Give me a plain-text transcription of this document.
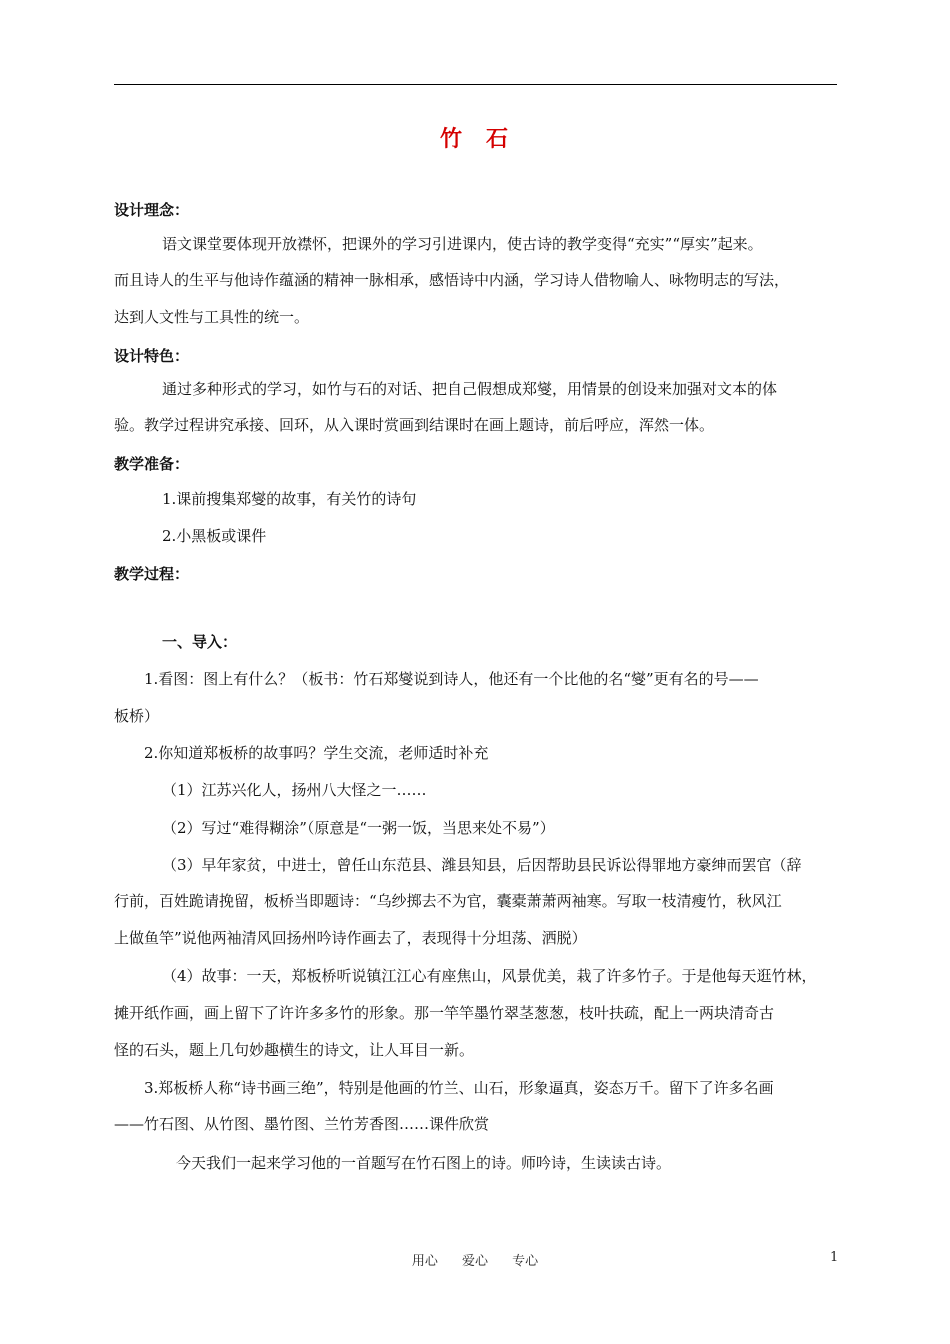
竹 石
设计理念：
语文课堂要体现开放襟怀，把课外的学习引进课内，使古诗的教学变得“充实”“厚实”起来。
而且诗人的生平与他诗作蕴涵的精神一脉相承，感悟诗中内涵，学习诗人借物喻人、咏物明志的写法，
达到人文性与工具性的统一。
设计特色：
通过多种形式的学习，如竹与石的对话、把自己假想成郑燮，用情景的创设来加强对文本的体
验。教学过程讲究承接、回环，从入课时赏画到结课时在画上题诗，前后呼应，浑然一体。
教学准备：
1.课前搜集郑燮的故事，有关竹的诗句
2.小黑板或课件
教学过程：
一、导入：
1.看图：图上有什么？（板书：竹石郑燮说到诗人，他还有一个比他的名“燮”更有名的号——
板桥）
2.你知道郑板桥的故事吗？学生交流，老师适时补充
（1）江苏兴化人，扬州八大怪之一……
（2）写过“难得糊涂”（原意是“一粥一饭，当思来处不易”）
（3）早年家贫，中进士，曾任山东范县、潍县知县，后因帮助县民诉讼得罪地方豪绅而罢官（辞
行前，百姓跪请挽留，板桥当即题诗：“乌纱掷去不为官，囊橐萧萧两袖寒。写取一枝清瘦竹，秋风江
上做鱼竿”说他两袖清风回扬州吟诗作画去了，表现得十分坦荡、洒脱）
（4）故事：一天，郑板桥听说镇江江心有座焦山，风景优美，栽了许多竹子。于是他每天逛竹林，
摊开纸作画，画上留下了许许多多竹的形象。那一竿竿墨竹翠茎葱葱，枝叶扶疏，配上一两块清奇古
怪的石头，题上几句妙趣横生的诗文，让人耳目一新。
3.郑板桥人称“诗书画三绝”，特别是他画的竹兰、山石，形象逼真，姿态万千。留下了许多名画
——竹石图、从竹图、墨竹图、兰竹芳香图……课件欣赏
今天我们一起来学习他的一首题写在竹石图上的诗。师吟诗，生读读古诗。
用心 爱心 专心	1
